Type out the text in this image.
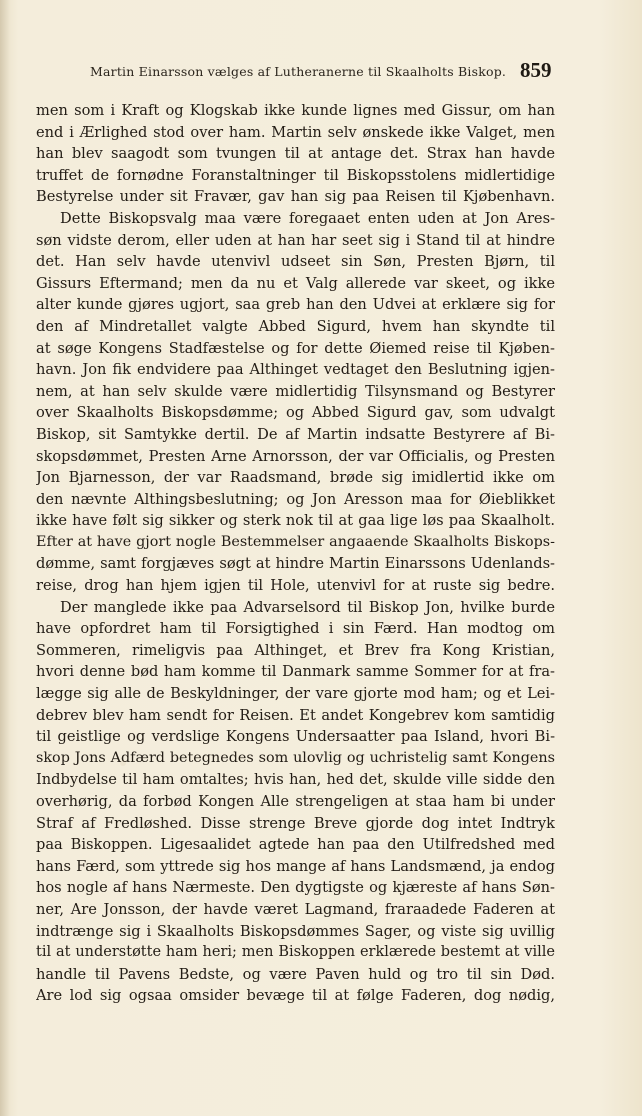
Martin Einarsson vælges af Lutheranerne til Skaalholts Biskop. 859
men som i Kraft og Klogskab ikke kunde lignes med Gissur, om han
end i Ærlighed stod over ham. Martin selv ønskede ikke Valget, men
han blev saagodt som tvungen til at antage det. Strax han havde
truffet de fornødne Foranstaltninger til Biskopsstolens midlertidige
Bestyrelse under sit Fravær, gav han sig paa Reisen til Kjøbenhavn.
Dette Biskopsvalg maa være foregaaet enten uden at Jon Ares-
søn vidste derom, eller uden at han har seet sig i Stand til at hindre
det. Han selv havde utenvivl udseet sin Søn, Presten Bjørn, til
Gissurs Eftermand; men da nu et Valg allerede var skeet, og ikke
alter kunde gjøres ugjort, saa greb han den Udvei at erklære sig for
den af Mindretallet valgte Abbed Sigurd, hvem han skyndte til
at søge Kongens Stadfæstelse og for dette Øiemed reise til Kjøben-
havn. Jon fik endvidere paa Althinget vedtaget den Beslutning igjen-
nem, at han selv skulde være midlertidig Tilsynsmand og Bestyrer
over Skaalholts Biskopsdømme; og Abbed Sigurd gav, som udvalgt
Biskop, sit Samtykke dertil. De af Martin indsatte Bestyrere af Bi-
skopsdømmet, Presten Arne Arnorsson, der var Officialis, og Presten
Jon Bjarnesson, der var Raadsmand, brøde sig imidlertid ikke om
den nævnte Althingsbeslutning; og Jon Aresson maa for Øieblikket
ikke have følt sig sikker og sterk nok til at gaa lige løs paa Skaalholt.
Efter at have gjort nogle Bestemmelser angaaende Skaalholts Biskops-
dømme, samt forgjæves søgt at hindre Martin Einarssons Udenlands-
reise, drog han hjem igjen til Hole, utenvivl for at ruste sig bedre.
Der manglede ikke paa Advarselsord til Biskop Jon, hvilke burde
have opfordret ham til Forsigtighed i sin Færd. Han modtog om
Sommeren, rimeligvis paa Althinget, et Brev fra Kong Kristian,
hvori denne bød ham komme til Danmark samme Sommer for at fra-
lægge sig alle de Beskyldninger, der vare gjorte mod ham; og et Lei-
debrev blev ham sendt for Reisen. Et andet Kongebrev kom samtidig
til geistlige og verdslige Kongens Undersaatter paa Island, hvori Bi-
skop Jons Adfærd betegnedes som ulovlig og uchristelig samt Kongens
Indbydelse til ham omtaltes; hvis han, hed det, skulde ville sidde den
overhørig, da forbød Kongen Alle strengeligen at staa ham bi under
Straf af Fredløshed. Disse strenge Breve gjorde dog intet Indtryk
paa Biskoppen. Ligesaalidet agtede han paa den Utilfredshed med
hans Færd, som yttrede sig hos mange af hans Landsmænd, ja endog
hos nogle af hans Nærmeste. Den dygtigste og kjæreste af hans Søn-
ner, Are Jonsson, der havde været Lagmand, fraraadede Faderen at
indtrænge sig i Skaalholts Biskopsdømmes Sager, og viste sig uvillig
til at understøtte ham heri; men Biskoppen erklærede bestemt at ville
handle til Pavens Bedste, og være Paven huld og tro til sin Død.
Are lod sig ogsaa omsider bevæge til at følge Faderen, dog nødig,
